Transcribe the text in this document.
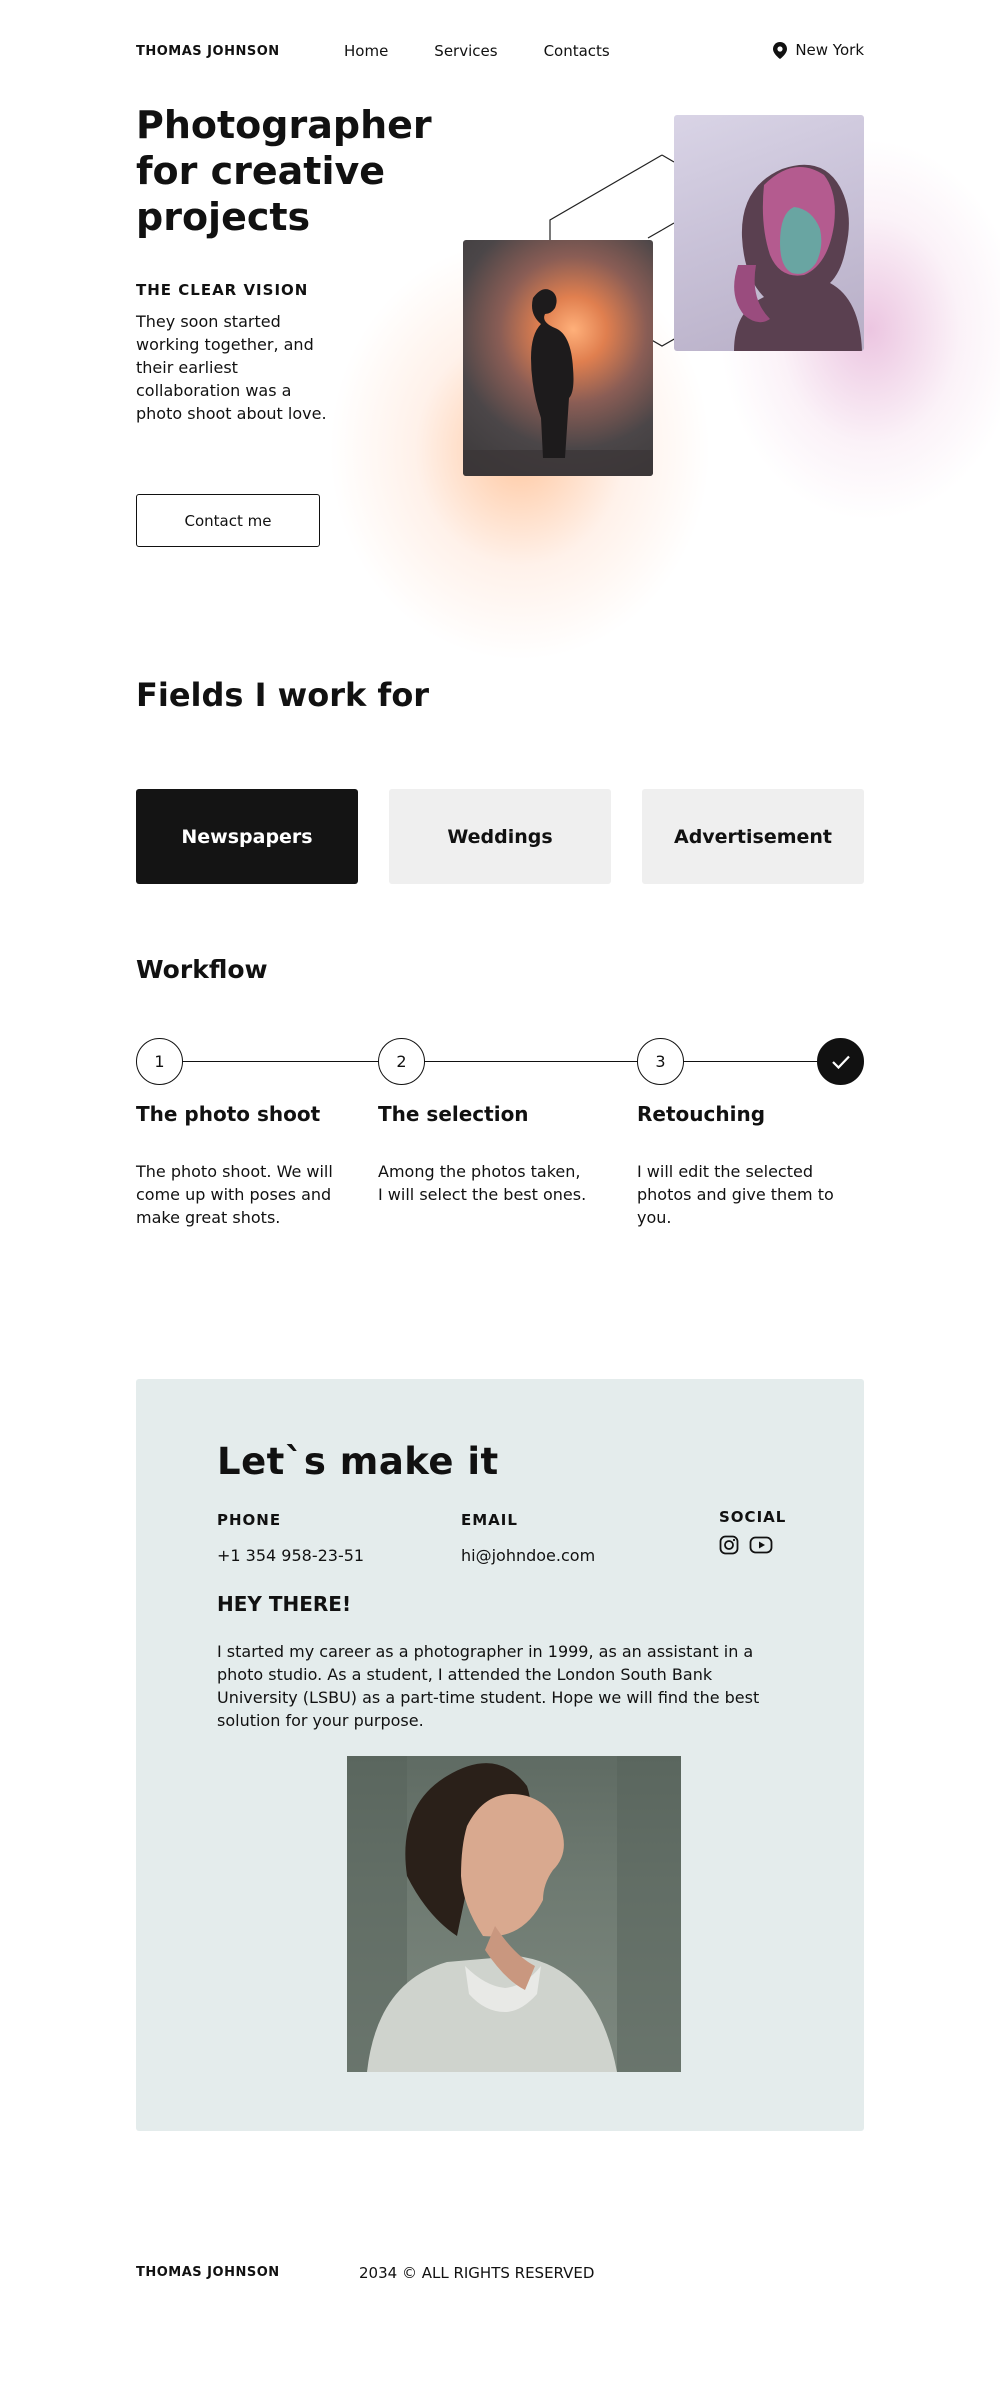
THOMAS JOHNSON	Home	Services	Contacts	New York
Photographer for creative projects
THE CLEAR VISION

They soon started working together, and their earliest collaboration was a photo shoot about love.

Contact me
Fields I work for
Newspapers	Weddings	Advertisement
Workflow
1	2	3
The photo shoot	The selection	Retouching

The photo shoot. We will come up with poses and make great shots.

Among the photos taken, I will select the best ones.

I will edit the selected photos and give them to you.

Let`s make it
PHONE
+1 354 958-23-51
EMAIL
hi@johndoe.com
SOCIAL
HEY THERE!

I started my career as a photographer in 1999, as an assistant in a photo studio. As a student, I attended the London South Bank University (LSBU) as a part-time student. Hope we will find the best solution for your purpose.

THOMAS JOHNSON	2034 © ALL RIGHTS RESERVED
